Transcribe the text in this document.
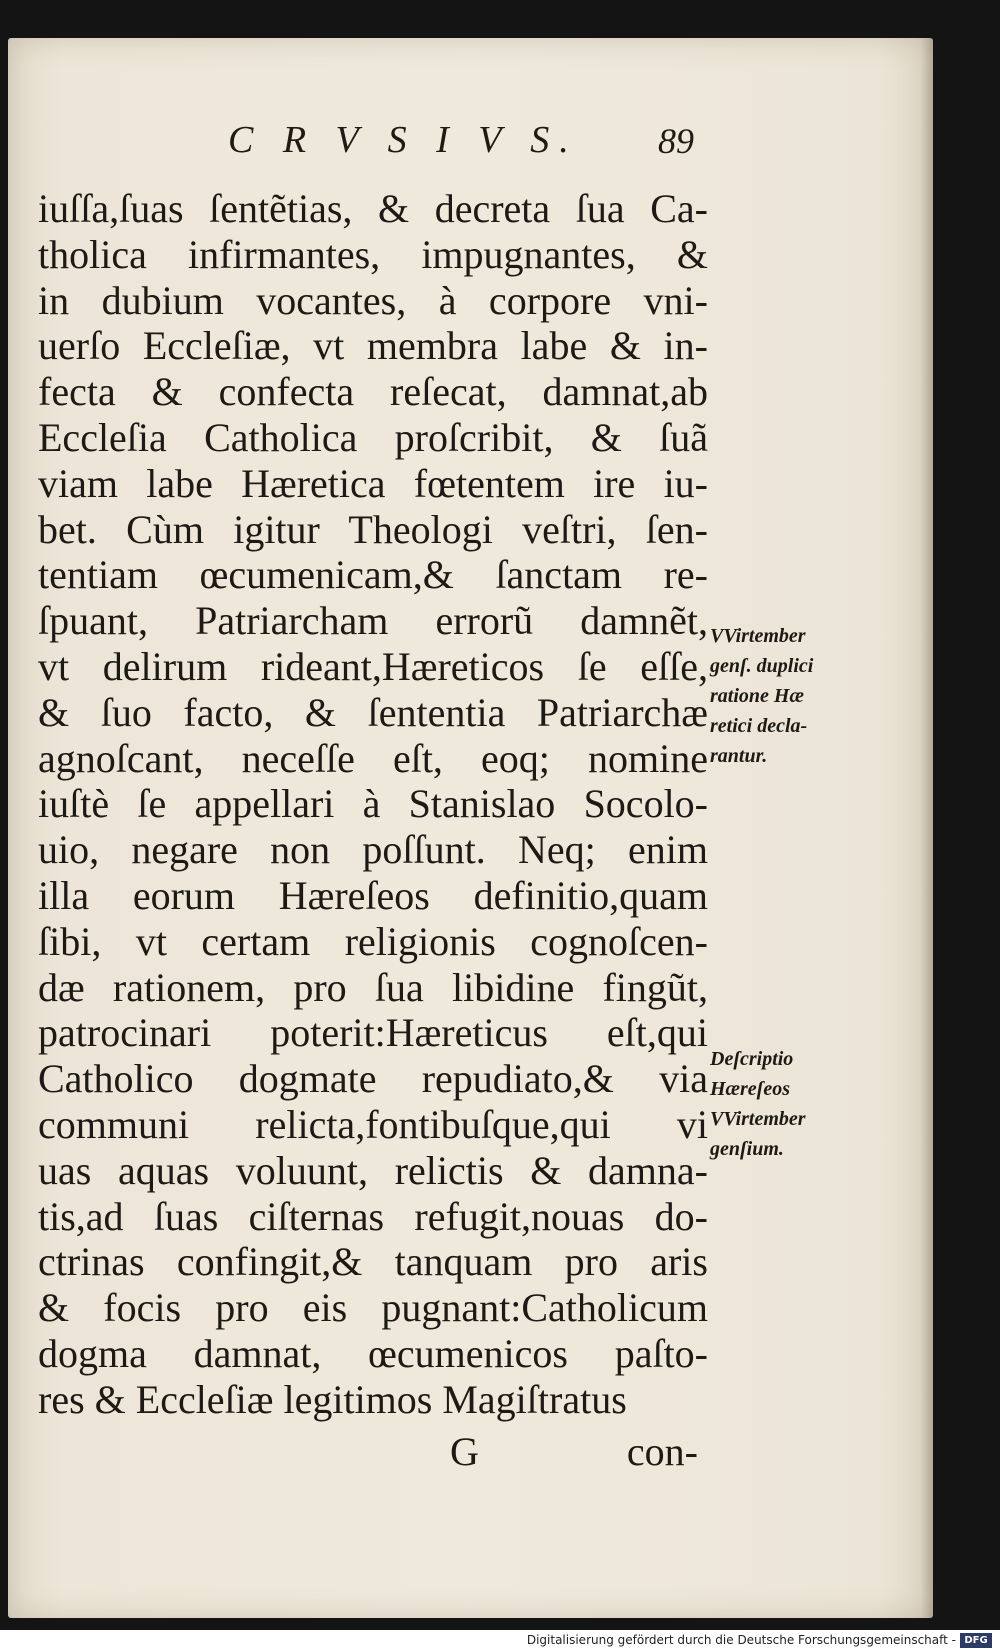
C R V S I V S.	89
iuſſa,ſuas ſentẽtias, & decreta ſua Ca-
tholica infirmantes, impugnantes, &
in dubium vocantes, à corpore vni-
uerſo Eccleſiæ, vt membra labe & in-
fecta & confecta reſecat, damnat,ab
Eccleſia Catholica proſcribit, & ſuã
viam labe Hæretica fœtentem ire iu-
bet. Cùm igitur Theologi veſtri, ſen-
tentiam œcumenicam,& ſanctam re-
ſpuant, Patriarcham errorũ damnẽt,
vt delirum rideant,Hæreticos ſe eſſe,
& ſuo facto, & ſententia Patriarchæ
agnoſcant, neceſſe eſt, eoq; nomine
iuſtè ſe appellari à Stanislao Socolo-
uio, negare non poſſunt. Neq; enim
illa eorum Hæreſeos definitio,quam
ſibi, vt certam religionis cognoſcen-
dæ rationem, pro ſua libidine fingũt,
patrocinari poterit:Hæreticus eſt,qui
Catholico dogmate repudiato,& via
communi relicta,fontibuſque,qui vi
uas aquas voluunt, relictis & damna-
tis,ad ſuas ciſternas refugit,nouas do-
ctrinas confingit,& tanquam pro aris
& focis pro eis pugnant:Catholicum
dogma damnat, œcumenicos paſto-
res & Eccleſiæ legitimos Magiſtratus
G	con-
VVirtember
genſ. duplici
ratione Hæ
retici decla-
rantur.
Deſcriptio
Hæreſeos
VVirtember
genſium.
Digitalisierung gefördert durch die Deutsche Forschungsgemeinschaft - DFG
